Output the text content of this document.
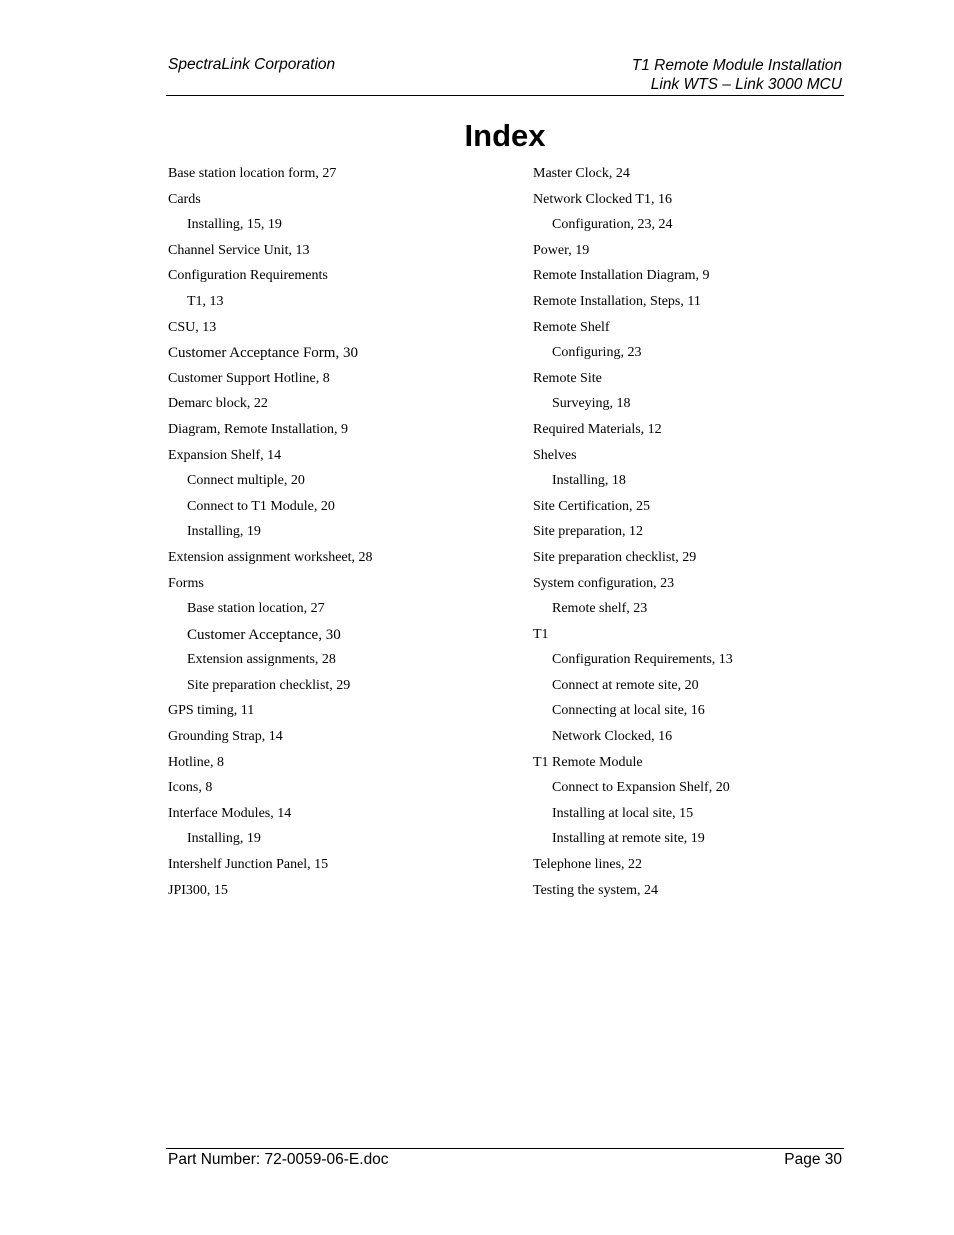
SpectraLink Corporation	T1 Remote Module Installation
Link WTS – Link 3000 MCU
Index
Base station location form, 27
Cards
Installing, 15, 19
Channel Service Unit, 13
Configuration Requirements
T1, 13
CSU, 13
Customer Acceptance Form, 30
Customer Support Hotline, 8
Demarc block, 22
Diagram, Remote Installation, 9
Expansion Shelf, 14
Connect multiple, 20
Connect to T1 Module, 20
Installing, 19
Extension assignment worksheet, 28
Forms
Base station location, 27
Customer Acceptance, 30
Extension assignments, 28
Site preparation checklist, 29
GPS timing, 11
Grounding Strap, 14
Hotline, 8
Icons, 8
Interface Modules, 14
Installing, 19
Intershelf Junction Panel, 15
JPI300, 15
Master Clock, 24
Network Clocked T1, 16
Configuration, 23, 24
Power, 19
Remote Installation Diagram, 9
Remote Installation, Steps, 11
Remote Shelf
Configuring, 23
Remote Site
Surveying, 18
Required Materials, 12
Shelves
Installing, 18
Site Certification, 25
Site preparation, 12
Site preparation checklist, 29
System configuration, 23
Remote shelf, 23
T1
Configuration Requirements, 13
Connect at remote site, 20
Connecting at local site, 16
Network Clocked, 16
T1 Remote Module
Connect to Expansion Shelf, 20
Installing at local site, 15
Installing at remote site, 19
Telephone lines, 22
Testing the system, 24
Part Number: 72-0059-06-E.doc	Page 30
